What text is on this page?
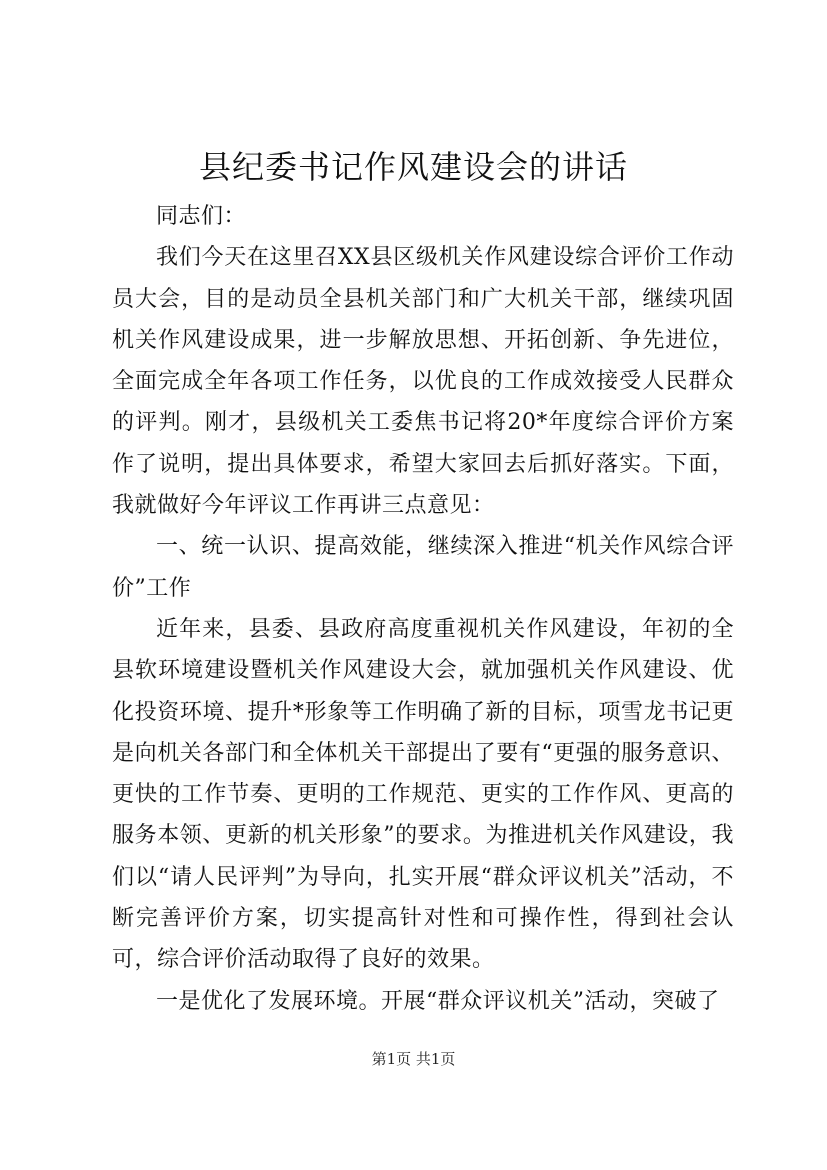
县纪委书记作风建设会的讲话

同志们：

我们今天在这里召XX县区级机关作风建设综合评价工作动员大会，目的是动员全县机关部门和广大机关干部，继续巩固机关作风建设成果，进一步解放思想、开拓创新、争先进位，全面完成全年各项工作任务，以优良的工作成效接受人民群众的评判。刚才，县级机关工委焦书记将20*年度综合评价方案作了说明，提出具体要求，希望大家回去后抓好落实。下面，我就做好今年评议工作再讲三点意见：

一、统一认识、提高效能，继续深入推进“机关作风综合评价”工作

近年来，县委、县政府高度重视机关作风建设，年初的全县软环境建设暨机关作风建设大会，就加强机关作风建设、优化投资环境、提升*形象等工作明确了新的目标，项雪龙书记更是向机关各部门和全体机关干部提出了要有“更强的服务意识、更快的工作节奏、更明的工作规范、更实的工作作风、更高的服务本领、更新的机关形象”的要求。为推进机关作风建设，我们以“请人民评判”为导向，扎实开展“群众评议机关”活动，不断完善评价方案，切实提高针对性和可操作性，得到社会认可，综合评价活动取得了良好的效果。

一是优化了发展环境。开展“群众评议机关”活动，突破了

第1页 共1页
